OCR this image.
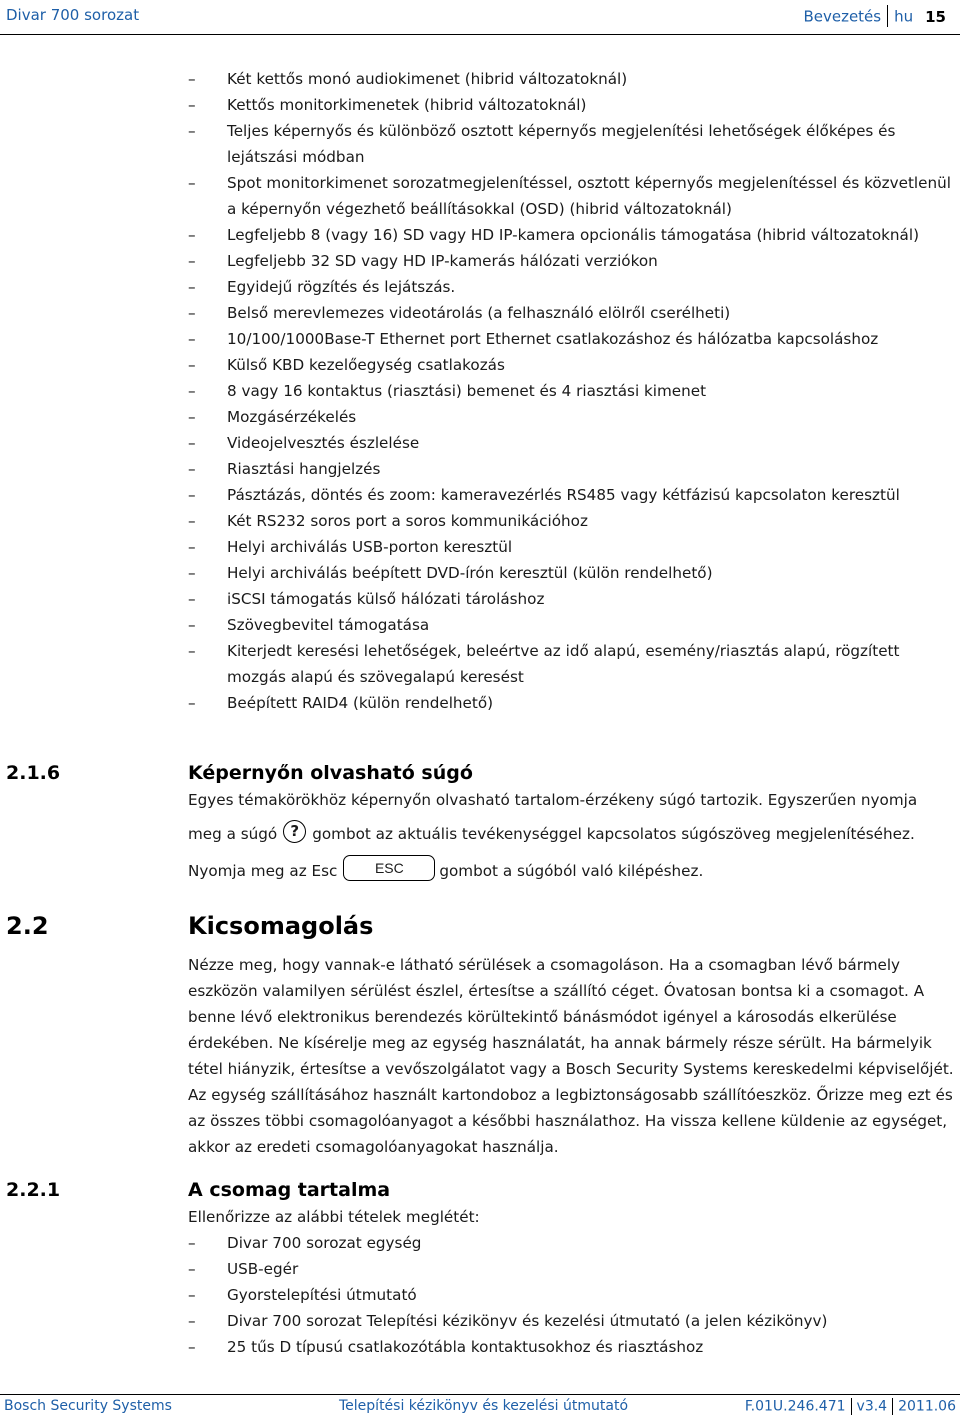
Divar 700 sorozat	Bevezetés hu 15
– Két kettős monó audiokimenet (hibrid változatoknál)
– Kettős monitorkimenetek (hibrid változatoknál)
– Teljes képernyős és különböző osztott képernyős megjelenítési lehetőségek élőképes és lejátszási módban
– Spot monitorkimenet sorozatmegjelenítéssel, osztott képernyős megjelenítéssel és közvetlenül a képernyőn végezhető beállításokkal (OSD) (hibrid változatoknál)
– Legfeljebb 8 (vagy 16) SD vagy HD IP-kamera opcionális támogatása (hibrid változatoknál)
– Legfeljebb 32 SD vagy HD IP-kamerás hálózati verziókon
– Egyidejű rögzítés és lejátszás.
– Belső merevlemezes videotárolás (a felhasználó elölről cserélheti)
– 10/100/1000Base-T Ethernet port Ethernet csatlakozáshoz és hálózatba kapcsoláshoz
– Külső KBD kezelőegység csatlakozás
– 8 vagy 16 kontaktus (riasztási) bemenet és 4 riasztási kimenet
– Mozgásérzékelés
– Videojelvesztés észlelése
– Riasztási hangjelzés
– Pásztázás, döntés és zoom: kameravezérlés RS485 vagy kétfázisú kapcsolaton keresztül
– Két RS232 soros port a soros kommunikációhoz
– Helyi archiválás USB-porton keresztül
– Helyi archiválás beépített DVD-írón keresztül (külön rendelhető)
– iSCSI támogatás külső hálózati tároláshoz
– Szövegbevitel támogatása
– Kiterjedt keresési lehetőségek, beleértve az idő alapú, esemény/riasztás alapú, rögzített mozgás alapú és szövegalapú keresést
– Beépített RAID4 (külön rendelhető)
2.1.6	Képernyőn olvasható súgó

Egyes témakörökhöz képernyőn olvasható tartalom-érzékeny súgó tartozik. Egyszerűen nyomja

meg a súgó ? gombot az aktuális tevékenységgel kapcsolatos súgószöveg megjelenítéséhez.

Nyomja meg az Esc	ESC gombot a súgóból való kilépéshez.

2.2	Kicsomagolás

Nézze meg, hogy vannak-e látható sérülések a csomagoláson. Ha a csomagban lévő bármely eszközön valamilyen sérülést észlel, értesítse a szállító céget. Óvatosan bontsa ki a csomagot. A benne lévő elektronikus berendezés körültekintő bánásmódot igényel a károsodás elkerülése érdekében. Ne kísérelje meg az egység használatát, ha annak bármely része sérült. Ha bármelyik tétel hiányzik, értesítse a vevőszolgálatot vagy a Bosch Security Systems kereskedelmi képviselőjét. Az egység szállításához használt kartondoboz a legbiztonságosabb szállítóeszköz. Őrizze meg ezt és az összes többi csomagolóanyagot a későbbi használathoz. Ha vissza kellene küldenie az egységet, akkor az eredeti csomagolóanyagokat használja.

2.2.1	A csomag tartalma

Ellenőrizze az alábbi tételek meglétét:

– Divar 700 sorozat egység
– USB-egér
– Gyorstelepítési útmutató
– Divar 700 sorozat Telepítési kézikönyv és kezelési útmutató (a jelen kézikönyv)
– 25 tűs D típusú csatlakozótábla kontaktusokhoz és riasztáshoz
Bosch Security Systems	Telepítési kézikönyv és kezelési útmutató	F.01U.246.471 v3.4 2011.06
